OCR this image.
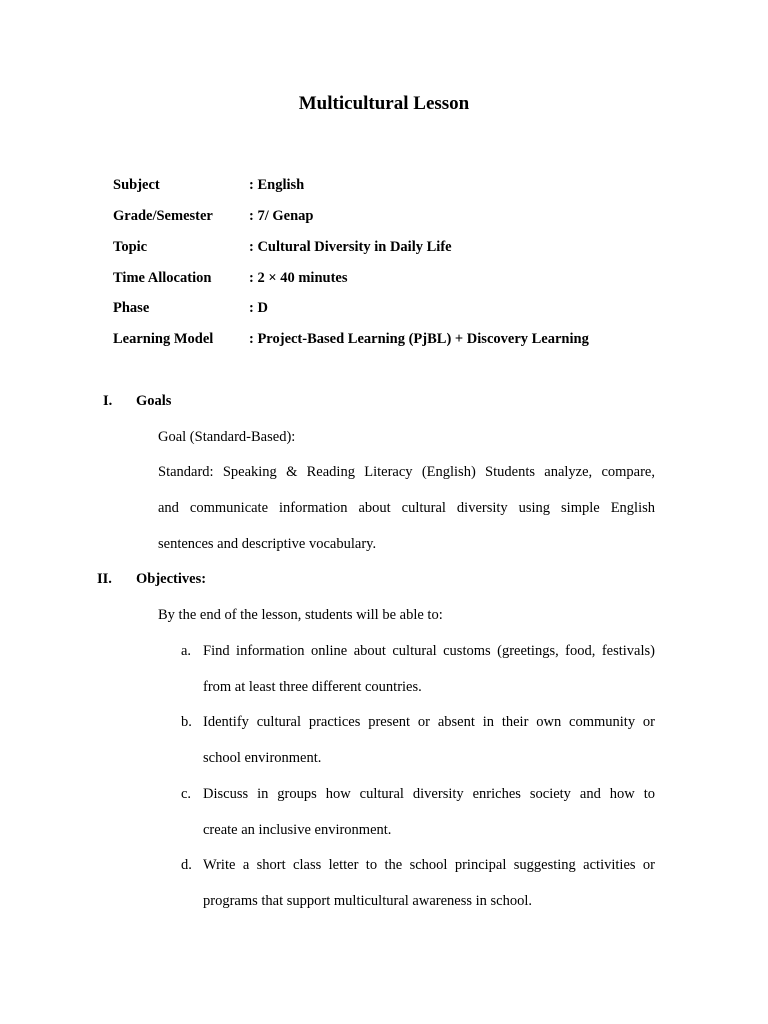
Multicultural Lesson
Subject	: English
Grade/Semester : 7/ Genap
Topic	: Cultural Diversity in Daily Life
Time Allocation	: 2 × 40 minutes
Phase	: D
Learning Model : Project-Based Learning (PjBL) + Discovery Learning
I. Goals
Goal (Standard-Based):
Standard: Speaking & Reading Literacy (English) Students analyze, compare,
and communicate information about cultural diversity using simple English
sentences and descriptive vocabulary.
II. Objectives:
By the end of the lesson, students will be able to:
a. Find information online about cultural customs (greetings, food, festivals)
from at least three different countries.
b. Identify cultural practices present or absent in their own community or
school environment.
c. Discuss in groups how cultural diversity enriches society and how to
create an inclusive environment.
d. Write a short class letter to the school principal suggesting activities or
programs that support multicultural awareness in school.
